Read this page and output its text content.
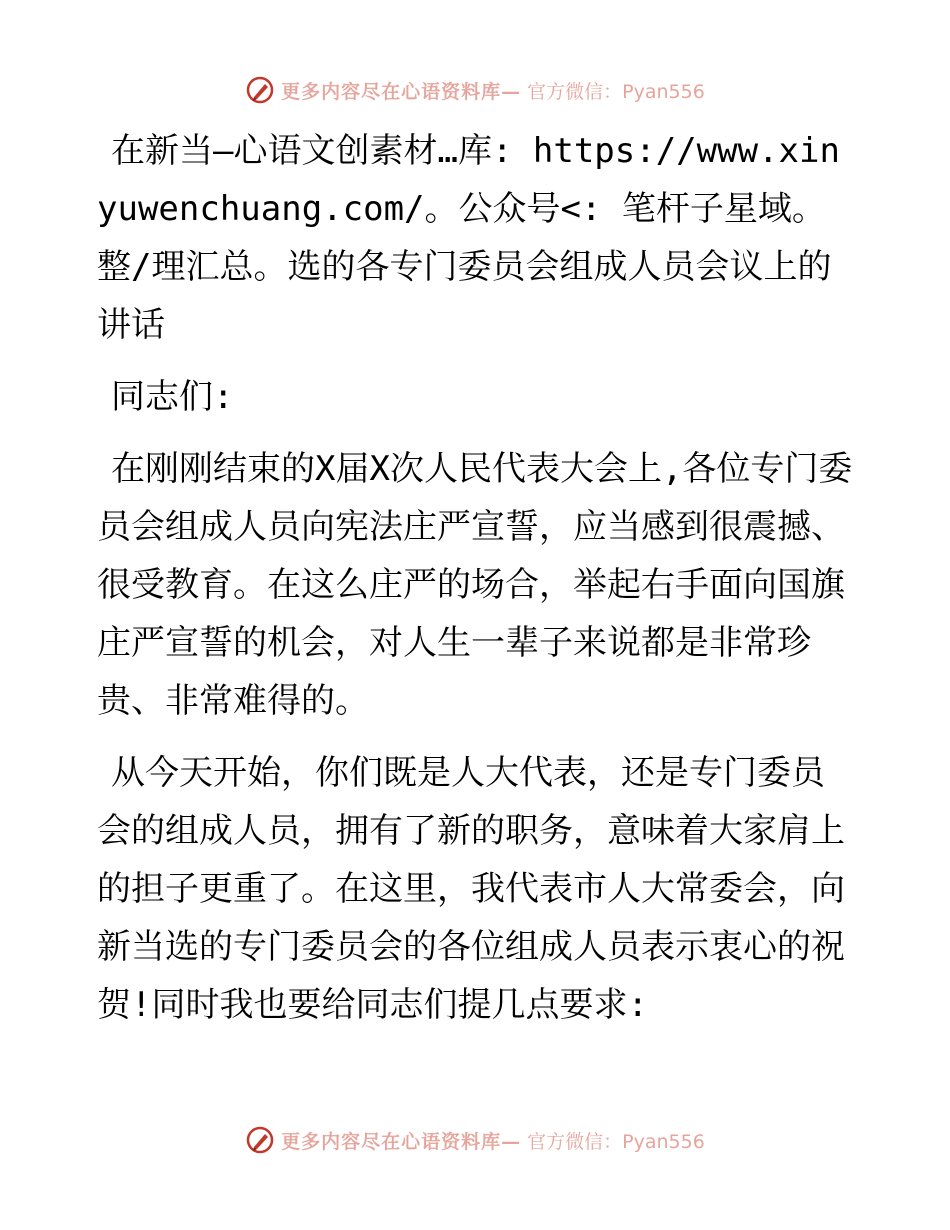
更多内容尽在心语资料库— 官方微信：Pyan556

在新当—心语文创素材…库: https://www.xinyuwenchuang.com/。公众号<: 笔杆子星域。整/理汇总。选的各专门委员会组成人员会议上的讲话

同志们:

在刚刚结束的X届X次人民代表大会上,各位专门委员会组成人员向宪法庄严宣誓，应当感到很震撼、很受教育。在这么庄严的场合，举起右手面向国旗庄严宣誓的机会，对人生一辈子来说都是非常珍贵、非常难得的。

从今天开始，你们既是人大代表，还是专门委员会的组成人员，拥有了新的职务，意味着大家肩上的担子更重了。在这里，我代表市人大常委会，向新当选的专门委员会的各位组成人员表示衷心的祝贺!同时我也要给同志们提几点要求:

更多内容尽在心语资料库— 官方微信：Pyan556
